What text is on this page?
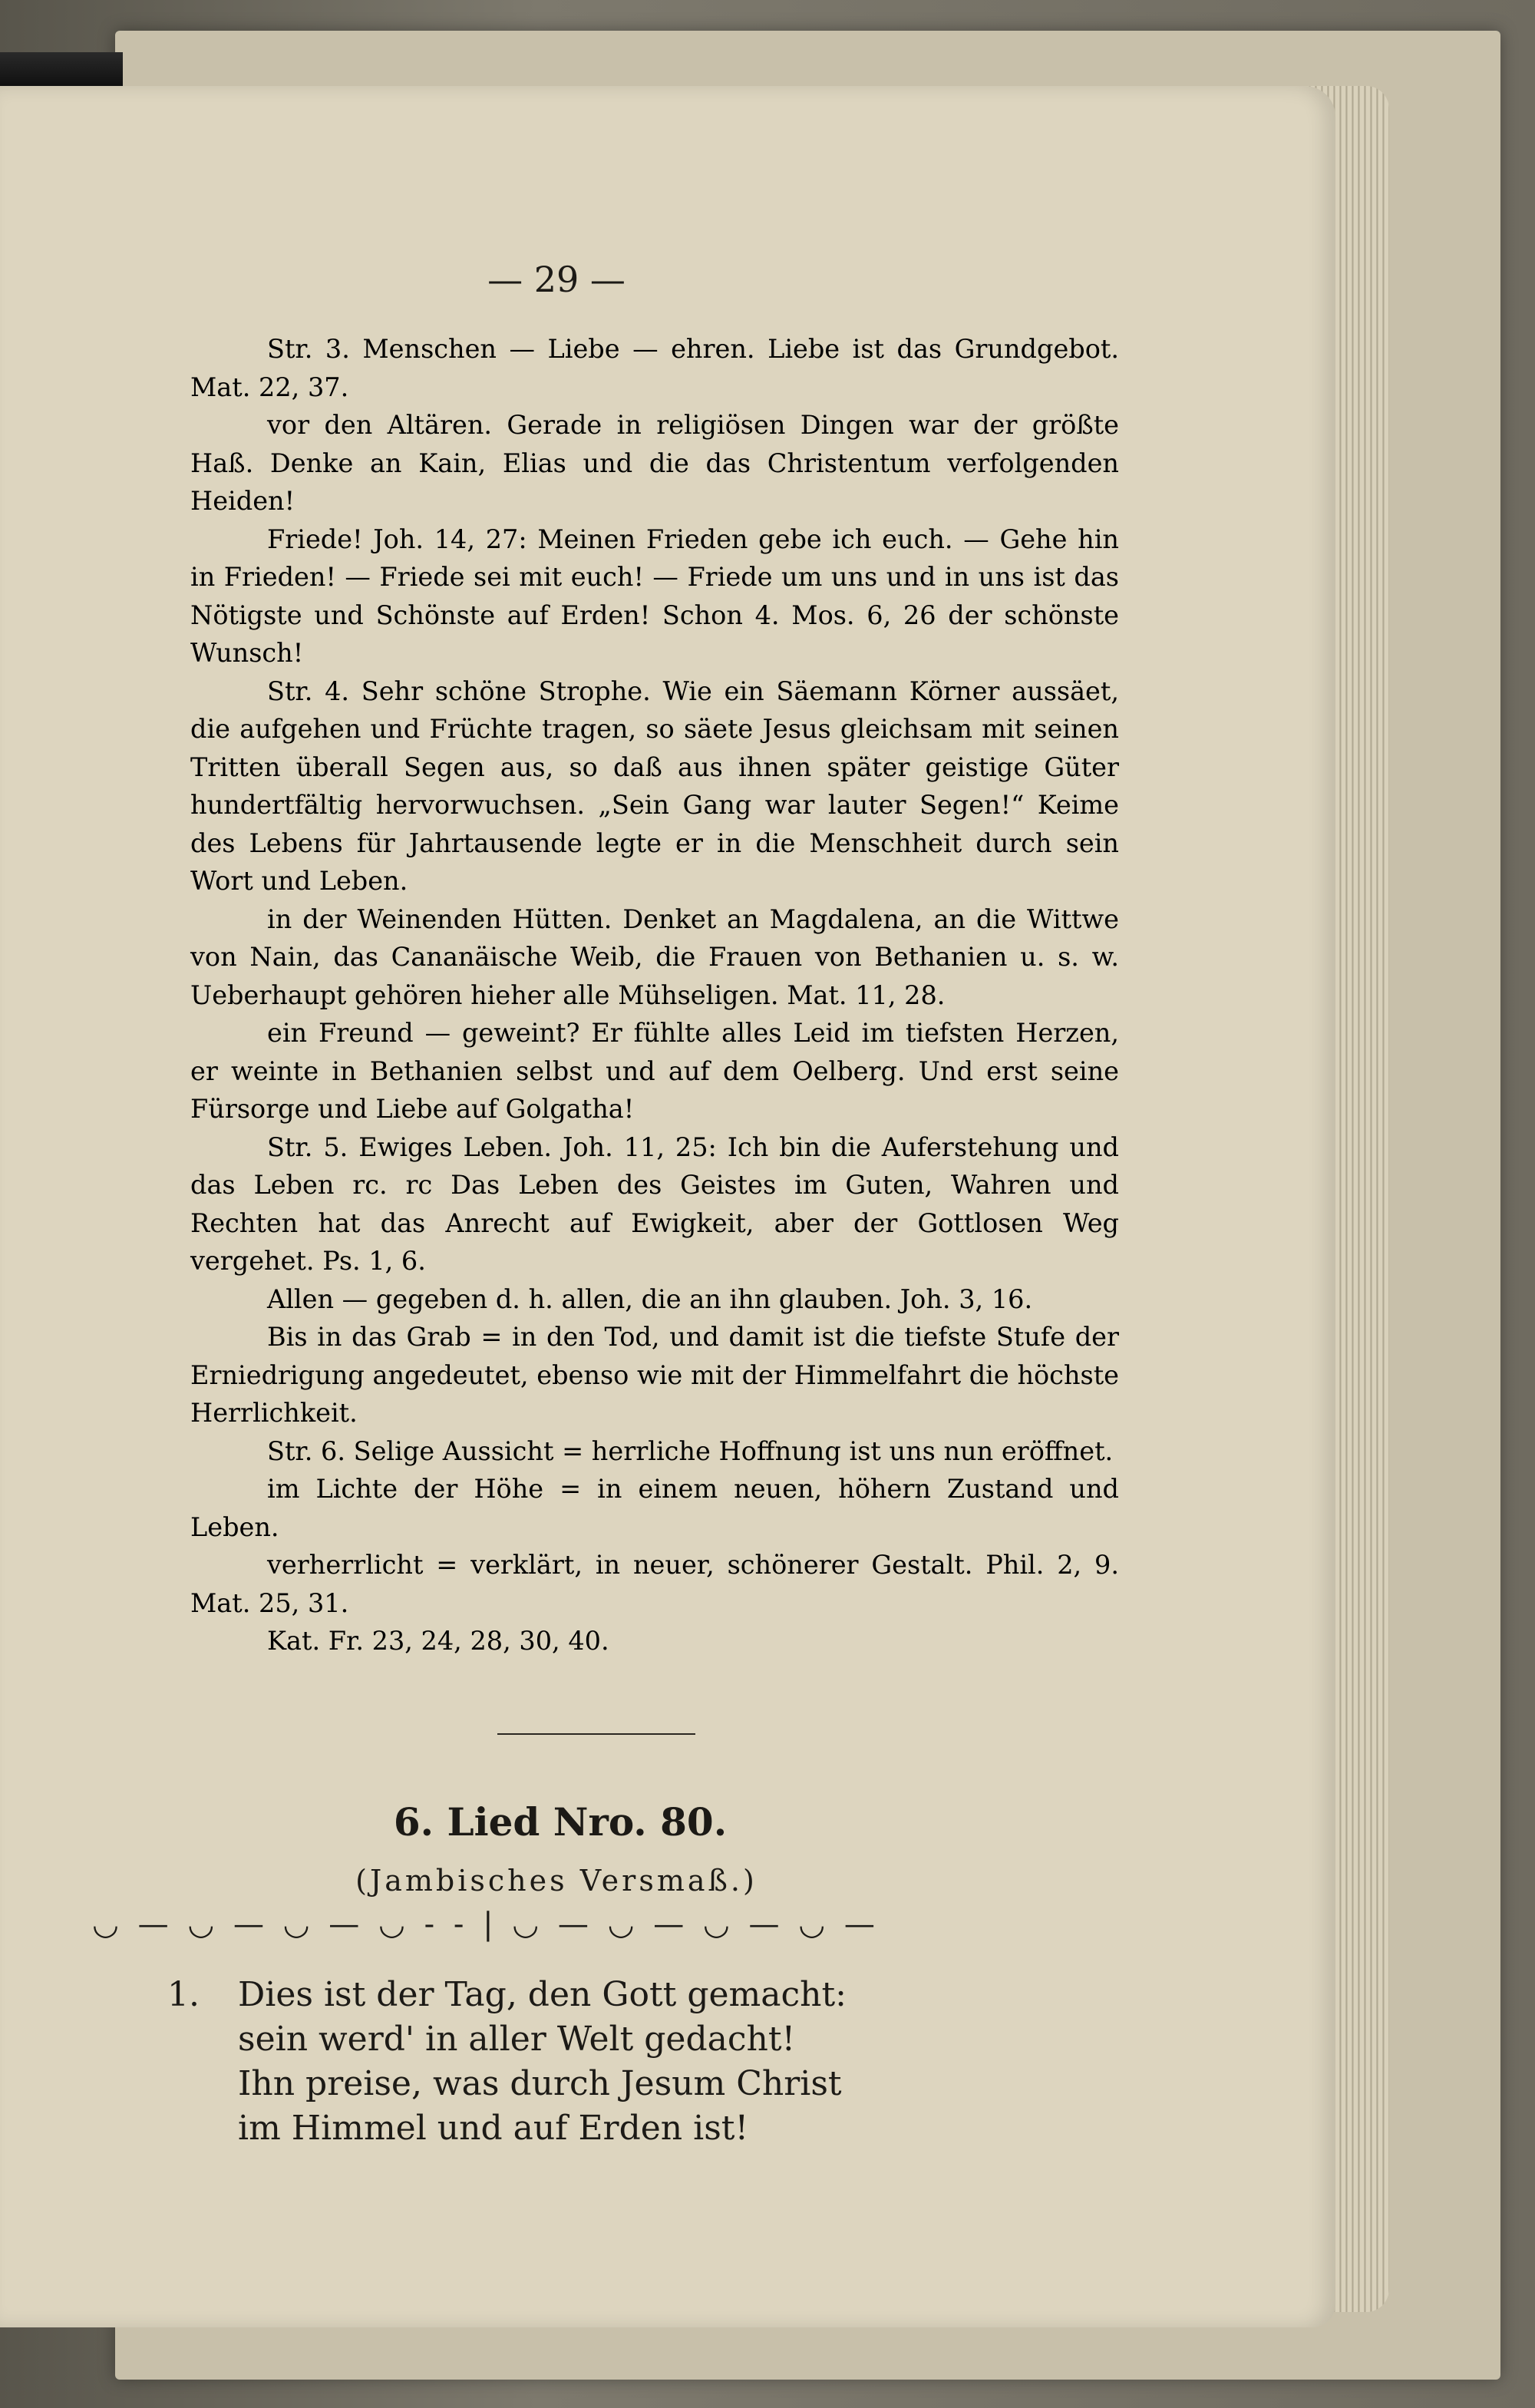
— 29 —

Str. 3. Menschen — Liebe — ehren. Liebe ist das Grundgebot. Mat. 22, 37.

vor den Altären. Gerade in religiösen Dingen war der größte Haß. Denke an Kain, Elias und die das Christentum verfolgenden Heiden!

Friede! Joh. 14, 27: Meinen Frieden gebe ich euch. — Gehe hin in Frieden! — Friede sei mit euch! — Friede um uns und in uns ist das Nötigste und Schönste auf Erden! Schon 4. Mos. 6, 26 der schönste Wunsch!

Str. 4. Sehr schöne Strophe. Wie ein Säemann Körner aussäet, die aufgehen und Früchte tragen, so säete Jesus gleichsam mit seinen Tritten überall Segen aus, so daß aus ihnen später geistige Güter hundertfältig hervorwuchsen. „Sein Gang war lauter Segen!“ Keime des Lebens für Jahrtausende legte er in die Menschheit durch sein Wort und Leben.

in der Weinenden Hütten. Denket an Magdalena, an die Wittwe von Nain, das Cananäische Weib, die Frauen von Bethanien u. s. w. Ueberhaupt gehören hieher alle Mühseligen. Mat. 11, 28.

ein Freund — geweint? Er fühlte alles Leid im tiefsten Herzen, er weinte in Bethanien selbst und auf dem Oelberg. Und erst seine Fürsorge und Liebe auf Golgatha!

Str. 5. Ewiges Leben. Joh. 11, 25: Ich bin die Auferstehung und das Leben rc. rc Das Leben des Geistes im Guten, Wahren und Rechten hat das Anrecht auf Ewigkeit, aber der Gottlosen Weg vergehet. Ps. 1, 6.

Allen — gegeben d. h. allen, die an ihn glauben. Joh. 3, 16.

Bis in das Grab = in den Tod, und damit ist die tiefste Stufe der Erniedrigung angedeutet, ebenso wie mit der Himmelfahrt die höchste Herrlichkeit.

Str. 6. Selige Aussicht = herrliche Hoffnung ist uns nun eröffnet.

im Lichte der Höhe = in einem neuen, höhern Zustand und Leben.

verherrlicht = verklärt, in neuer, schönerer Gestalt. Phil. 2, 9. Mat. 25, 31.

Kat. Fr. 23, 24, 28, 30, 40.

6. Lied Nro. 80.

(Jambisches Versmaß.)

◡ — ◡ — ◡ — ◡ - - | ◡ — ◡ — ◡ — ◡ —

1. Dies ist der Tag, den Gott gemacht:
sein werd' in aller Welt gedacht!
Ihn preise, was durch Jesum Christ
im Himmel und auf Erden ist!
